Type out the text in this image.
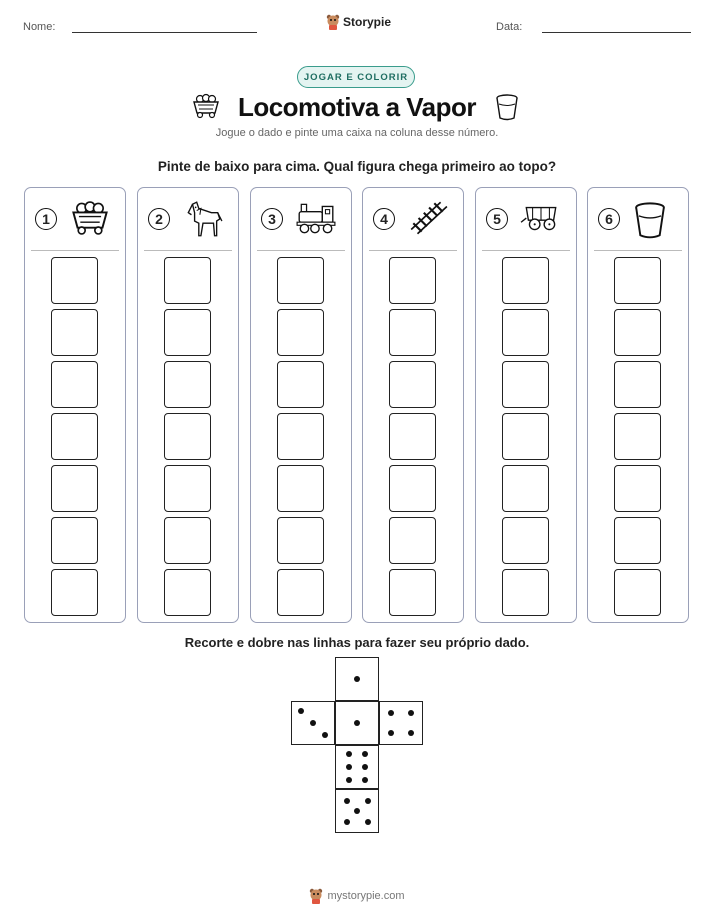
Nome:	Storypie	Data:
JOGAR E COLORIR
Locomotiva a Vapor
Jogue o dado e pinte uma caixa na coluna desse número.
Pinte de baixo para cima. Qual figura chega primeiro ao topo?
1	2	3	4	5	6
Recorte e dobre nas linhas para fazer seu próprio dado.
mystorypie.com
